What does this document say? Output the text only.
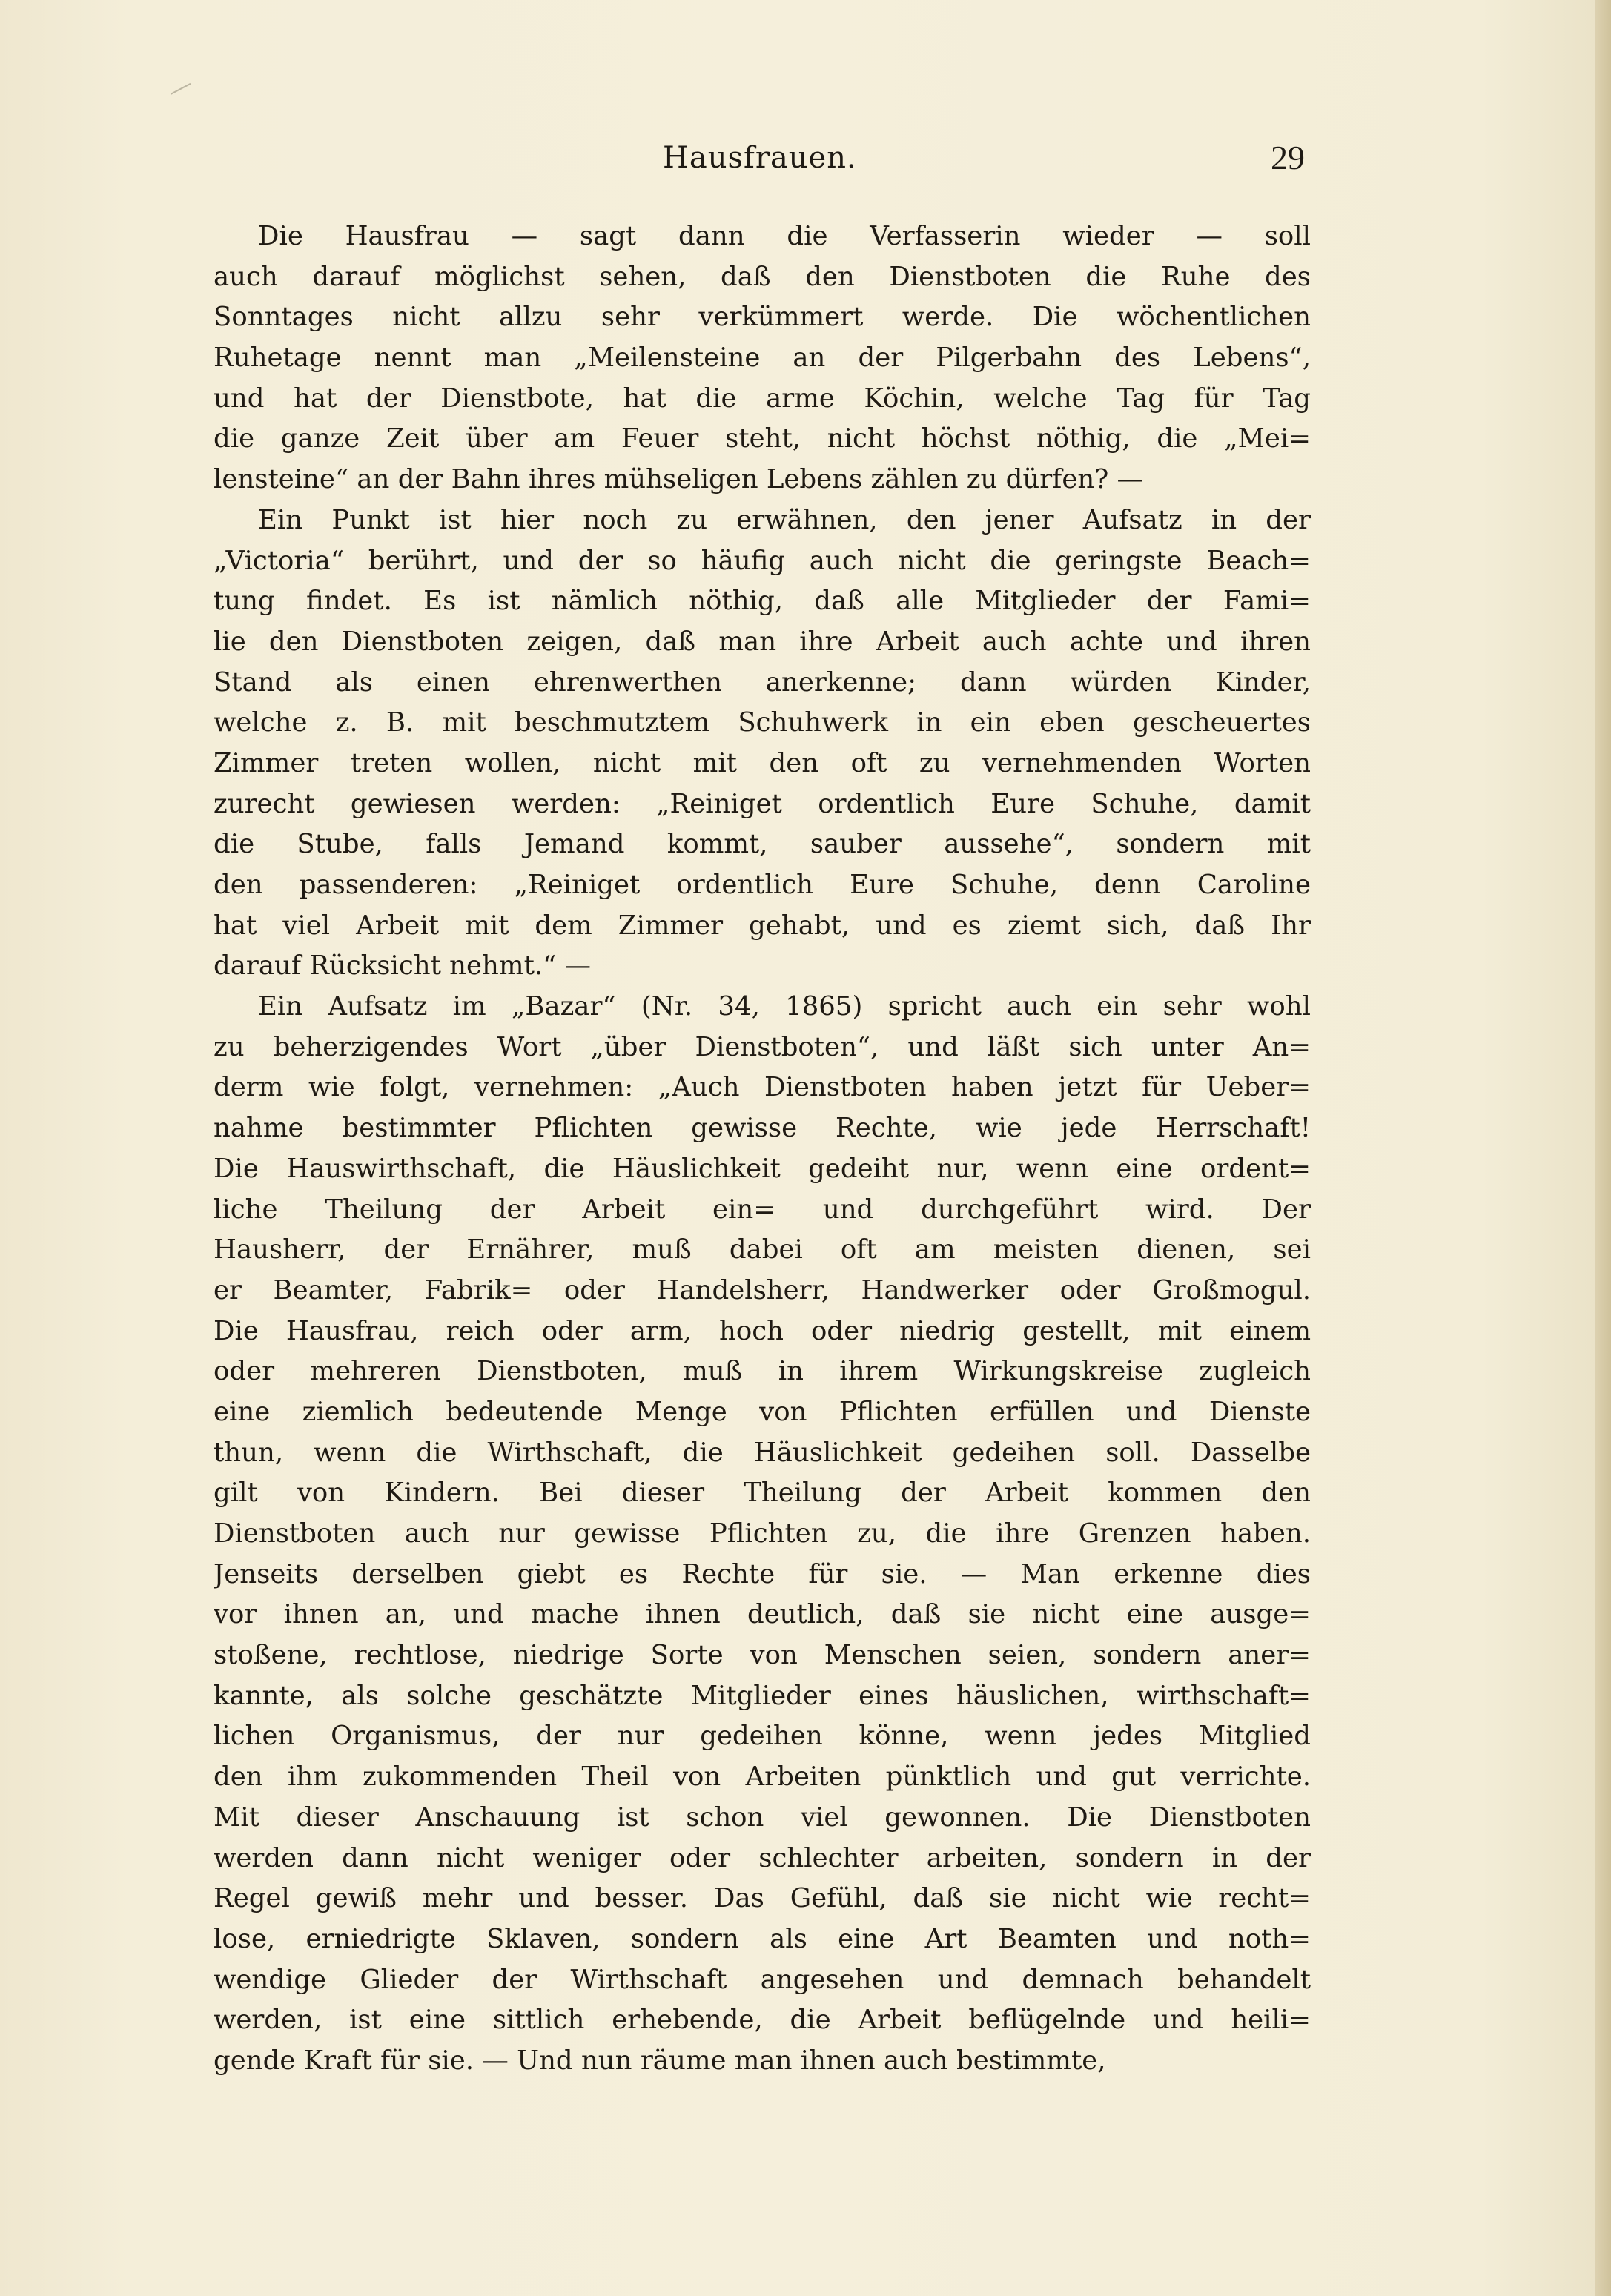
Hausfrauen.	29
Die Hausfrau — sagt dann die Verfasserin wieder — soll
auch darauf möglichst sehen, daß den Dienstboten die Ruhe des
Sonntages nicht allzu sehr verkümmert werde. Die wöchentlichen
Ruhetage nennt man „Meilensteine an der Pilgerbahn des Lebens“,
und hat der Dienstbote, hat die arme Köchin, welche Tag für Tag
die ganze Zeit über am Feuer steht, nicht höchst nöthig, die „Mei=
lensteine“ an der Bahn ihres mühseligen Lebens zählen zu dürfen? —
Ein Punkt ist hier noch zu erwähnen, den jener Aufsatz in der
„Victoria“ berührt, und der so häufig auch nicht die geringste Beach=
tung findet. Es ist nämlich nöthig, daß alle Mitglieder der Fami=
lie den Dienstboten zeigen, daß man ihre Arbeit auch achte und ihren
Stand als einen ehrenwerthen anerkenne; dann würden Kinder,
welche z. B. mit beschmutztem Schuhwerk in ein eben gescheuertes
Zimmer treten wollen, nicht mit den oft zu vernehmenden Worten
zurecht gewiesen werden: „Reiniget ordentlich Eure Schuhe, damit
die Stube, falls Jemand kommt, sauber aussehe“, sondern mit
den passenderen: „Reiniget ordentlich Eure Schuhe, denn Caroline
hat viel Arbeit mit dem Zimmer gehabt, und es ziemt sich, daß Ihr
darauf Rücksicht nehmt.“ —
Ein Aufsatz im „Bazar“ (Nr. 34, 1865) spricht auch ein sehr wohl
zu beherzigendes Wort „über Dienstboten“, und läßt sich unter An=
derm wie folgt, vernehmen: „Auch Dienstboten haben jetzt für Ueber=
nahme bestimmter Pflichten gewisse Rechte, wie jede Herrschaft!
Die Hauswirthschaft, die Häuslichkeit gedeiht nur, wenn eine ordent=
liche Theilung der Arbeit ein= und durchgeführt wird. Der
Hausherr, der Ernährer, muß dabei oft am meisten dienen, sei
er Beamter, Fabrik= oder Handelsherr, Handwerker oder Großmogul.
Die Hausfrau, reich oder arm, hoch oder niedrig gestellt, mit einem
oder mehreren Dienstboten, muß in ihrem Wirkungskreise zugleich
eine ziemlich bedeutende Menge von Pflichten erfüllen und Dienste
thun, wenn die Wirthschaft, die Häuslichkeit gedeihen soll. Dasselbe
gilt von Kindern. Bei dieser Theilung der Arbeit kommen den
Dienstboten auch nur gewisse Pflichten zu, die ihre Grenzen haben.
Jenseits derselben giebt es Rechte für sie. — Man erkenne dies
vor ihnen an, und mache ihnen deutlich, daß sie nicht eine ausge=
stoßene, rechtlose, niedrige Sorte von Menschen seien, sondern aner=
kannte, als solche geschätzte Mitglieder eines häuslichen, wirthschaft=
lichen Organismus, der nur gedeihen könne, wenn jedes Mitglied
den ihm zukommenden Theil von Arbeiten pünktlich und gut verrichte.
Mit dieser Anschauung ist schon viel gewonnen. Die Dienstboten
werden dann nicht weniger oder schlechter arbeiten, sondern in der
Regel gewiß mehr und besser. Das Gefühl, daß sie nicht wie recht=
lose, erniedrigte Sklaven, sondern als eine Art Beamten und noth=
wendige Glieder der Wirthschaft angesehen und demnach behandelt
werden, ist eine sittlich erhebende, die Arbeit beflügelnde und heili=
gende Kraft für sie. — Und nun räume man ihnen auch bestimmte,
